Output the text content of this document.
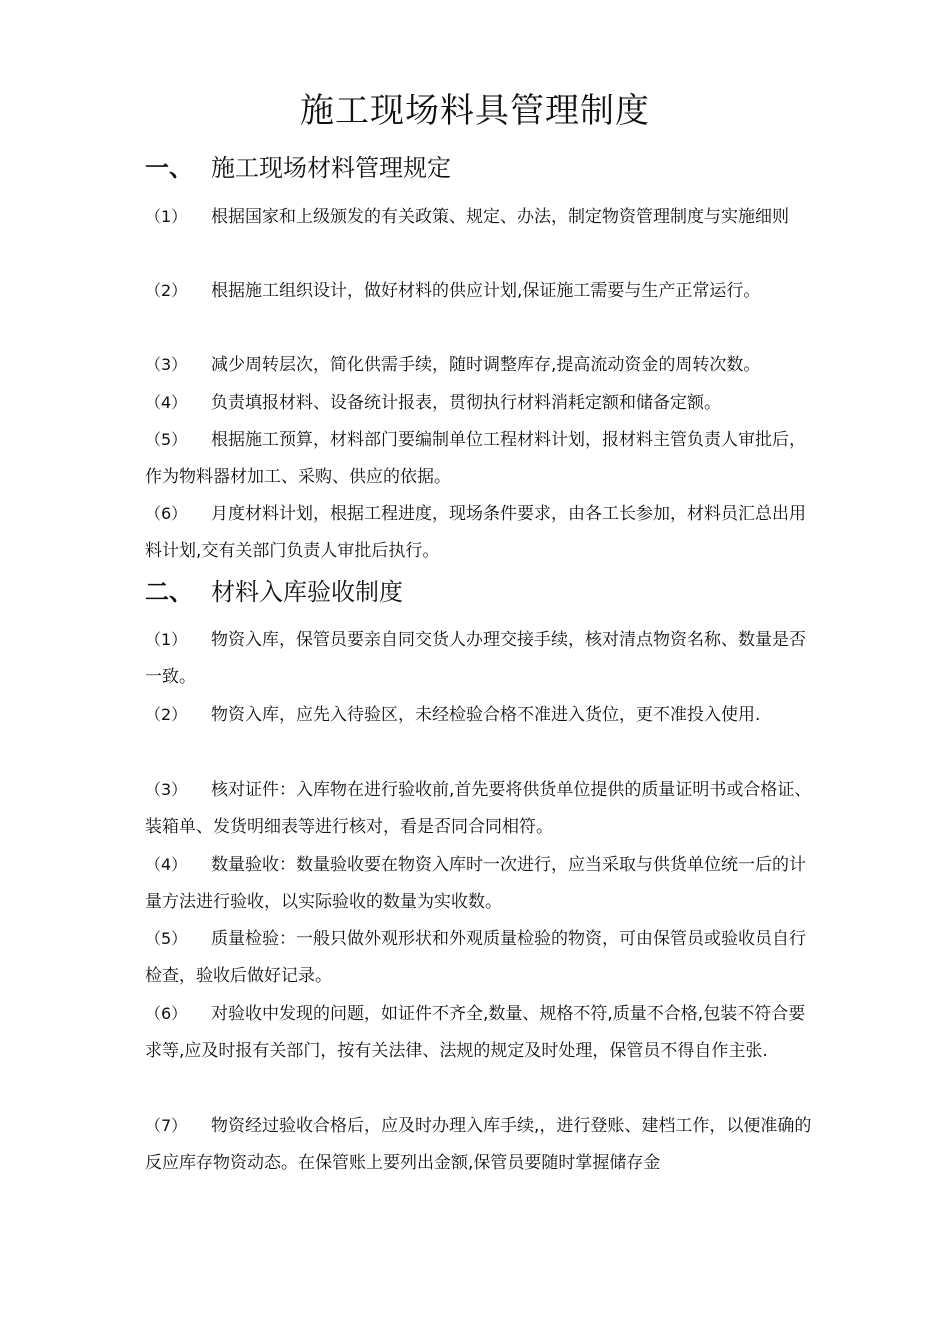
施工现场料具管理制度
一、 施工现场材料管理规定

（1） 根据国家和上级颁发的有关政策、规定、办法，制定物资管理制度与实施细则

（2） 根据施工组织设计，做好材料的供应计划,保证施工需要与生产正常运行。

（3） 减少周转层次，简化供需手续，随时调整库存,提高流动资金的周转次数。

（4） 负责填报材料、设备统计报表，贯彻执行材料消耗定额和储备定额。

（5） 根据施工预算，材料部门要编制单位工程材料计划，报材料主管负责人审批后，作为物料器材加工、采购、供应的依据。

（6） 月度材料计划，根据工程进度，现场条件要求，由各工长参加，材料员汇总出用料计划,交有关部门负责人审批后执行。

二、 材料入库验收制度

（1） 物资入库，保管员要亲自同交货人办理交接手续，核对清点物资名称、数量是否一致。

（2） 物资入库，应先入待验区，未经检验合格不准进入货位，更不准投入使用.

（3） 核对证件：入库物在进行验收前,首先要将供货单位提供的质量证明书或合格证、装箱单、发货明细表等进行核对，看是否同合同相符。

（4） 数量验收：数量验收要在物资入库时一次进行，应当采取与供货单位统一后的计量方法进行验收，以实际验收的数量为实收数。

（5） 质量检验：一般只做外观形状和外观质量检验的物资，可由保管员或验收员自行检查，验收后做好记录。

（6） 对验收中发现的问题，如证件不齐全,数量、规格不符,质量不合格,包装不符合要求等,应及时报有关部门，按有关法律、法规的规定及时处理，保管员不得自作主张.

（7） 物资经过验收合格后，应及时办理入库手续,，进行登账、建档工作，以便准确的反应库存物资动态。在保管账上要列出金额,保管员要随时掌握储存金
